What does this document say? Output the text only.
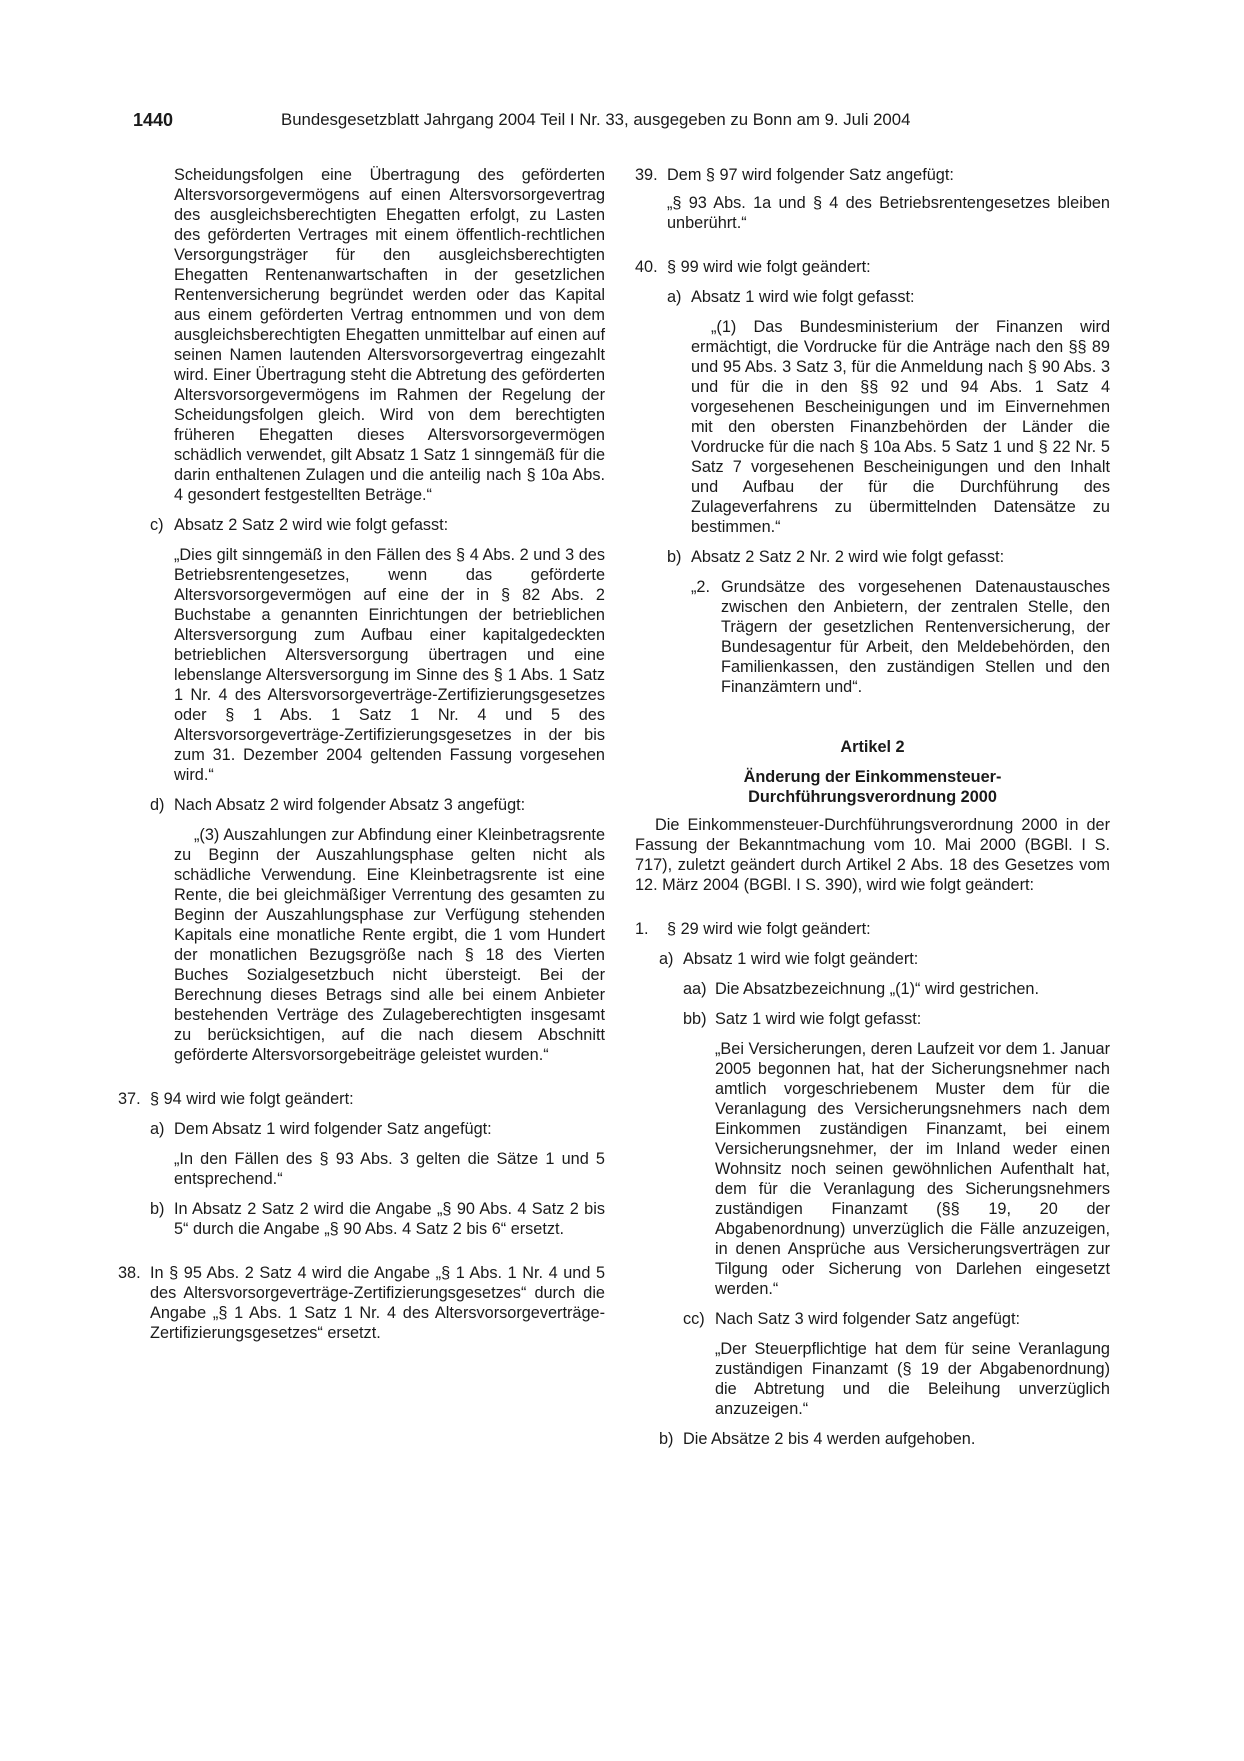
1440	Bundesgesetzblatt Jahrgang 2004 Teil I Nr. 33, ausgegeben zu Bonn am 9. Juli 2004

Scheidungsfolgen eine Übertragung des geförderten Altersvorsorgevermögens auf einen Altersvorsorgevertrag des ausgleichsberechtigten Ehegatten erfolgt, zu Lasten des geförderten Vertrages mit einem öffentlich-rechtlichen Versorgungsträger für den ausgleichsberechtigten Ehegatten Rentenanwartschaften in der gesetzlichen Rentenversicherung begründet werden oder das Kapital aus einem geförderten Vertrag entnommen und von dem ausgleichsberechtigten Ehegatten unmittelbar auf einen auf seinen Namen lautenden Altersvorsorgevertrag eingezahlt wird. Einer Übertragung steht die Abtretung des geförderten Altersvorsorgevermögens im Rahmen der Regelung der Scheidungsfolgen gleich. Wird von dem berechtigten früheren Ehegatten dieses Altersvorsorgevermögen schädlich verwendet, gilt Absatz 1 Satz 1 sinngemäß für die darin enthaltenen Zulagen und die anteilig nach § 10a Abs. 4 gesondert festgestellten Beträge.“

c) Absatz 2 Satz 2 wird wie folgt gefasst:

„Dies gilt sinngemäß in den Fällen des § 4 Abs. 2 und 3 des Betriebsrentengesetzes, wenn das geförderte Altersvorsorgevermögen auf eine der in § 82 Abs. 2 Buchstabe a genannten Einrichtungen der betrieblichen Altersversorgung zum Aufbau einer kapitalgedeckten betrieblichen Altersversorgung übertragen und eine lebenslange Altersversorgung im Sinne des § 1 Abs. 1 Satz 1 Nr. 4 des Altersvorsorgeverträge-Zertifizierungsgesetzes oder § 1 Abs. 1 Satz 1 Nr. 4 und 5 des Altersvorsorgeverträge-Zertifizierungsgesetzes in der bis zum 31. Dezember 2004 geltenden Fassung vorgesehen wird.“

d) Nach Absatz 2 wird folgender Absatz 3 angefügt:

„(3) Auszahlungen zur Abfindung einer Kleinbetragsrente zu Beginn der Auszahlungsphase gelten nicht als schädliche Verwendung. Eine Kleinbetragsrente ist eine Rente, die bei gleichmäßiger Verrentung des gesamten zu Beginn der Auszahlungsphase zur Verfügung stehenden Kapitals eine monatliche Rente ergibt, die 1 vom Hundert der monatlichen Bezugsgröße nach § 18 des Vierten Buches Sozialgesetzbuch nicht übersteigt. Bei der Berechnung dieses Betrags sind alle bei einem Anbieter bestehenden Verträge des Zulageberechtigten insgesamt zu berücksichtigen, auf die nach diesem Abschnitt geförderte Altersvorsorgebeiträge geleistet wurden.“

37. § 94 wird wie folgt geändert:

a) Dem Absatz 1 wird folgender Satz angefügt:

„In den Fällen des § 93 Abs. 3 gelten die Sätze 1 und 5 entsprechend.“

b) In Absatz 2 Satz 2 wird die Angabe „§ 90 Abs. 4 Satz 2 bis 5“ durch die Angabe „§ 90 Abs. 4 Satz 2 bis 6“ ersetzt.

38. In § 95 Abs. 2 Satz 4 wird die Angabe „§ 1 Abs. 1 Nr. 4 und 5 des Altersvorsorgeverträge-Zertifizierungsgesetzes“ durch die Angabe „§ 1 Abs. 1 Satz 1 Nr. 4 des Altersvorsorgeverträge-Zertifizierungsgesetzes“ ersetzt.

39. Dem § 97 wird folgender Satz angefügt:

„§ 93 Abs. 1a und § 4 des Betriebsrentengesetzes bleiben unberührt.“

40. § 99 wird wie folgt geändert:

a) Absatz 1 wird wie folgt gefasst:

„(1) Das Bundesministerium der Finanzen wird ermächtigt, die Vordrucke für die Anträge nach den §§ 89 und 95 Abs. 3 Satz 3, für die Anmeldung nach § 90 Abs. 3 und für die in den §§ 92 und 94 Abs. 1 Satz 4 vorgesehenen Bescheinigungen und im Einvernehmen mit den obersten Finanzbehörden der Länder die Vordrucke für die nach § 10a Abs. 5 Satz 1 und § 22 Nr. 5 Satz 7 vorgesehenen Bescheinigungen und den Inhalt und Aufbau der für die Durchführung des Zulageverfahrens zu übermittelnden Datensätze zu bestimmen.“

b) Absatz 2 Satz 2 Nr. 2 wird wie folgt gefasst:

„2. Grundsätze des vorgesehenen Datenaustausches zwischen den Anbietern, der zentralen Stelle, den Trägern der gesetzlichen Rentenversicherung, der Bundesagentur für Arbeit, den Meldebehörden, den Familienkassen, den zuständigen Stellen und den Finanzämtern und“.

Artikel 2

Änderung der Einkommensteuer-

Durchführungsverordnung 2000

Die Einkommensteuer-Durchführungsverordnung 2000 in der Fassung der Bekanntmachung vom 10. Mai 2000 (BGBl. I S. 717), zuletzt geändert durch Artikel 2 Abs. 18 des Gesetzes vom 12. März 2004 (BGBl. I S. 390), wird wie folgt geändert:

1. § 29 wird wie folgt geändert:

a) Absatz 1 wird wie folgt geändert:

aa) Die Absatzbezeichnung „(1)“ wird gestrichen.

bb) Satz 1 wird wie folgt gefasst:

„Bei Versicherungen, deren Laufzeit vor dem 1. Januar 2005 begonnen hat, hat der Sicherungsnehmer nach amtlich vorgeschriebenem Muster dem für die Veranlagung des Versicherungsnehmers nach dem Einkommen zuständigen Finanzamt, bei einem Versicherungsnehmer, der im Inland weder einen Wohnsitz noch seinen gewöhnlichen Aufenthalt hat, dem für die Veranlagung des Sicherungsnehmers zuständigen Finanzamt (§§ 19, 20 der Abgabenordnung) unverzüglich die Fälle anzuzeigen, in denen Ansprüche aus Versicherungsverträgen zur Tilgung oder Sicherung von Darlehen eingesetzt werden.“

cc) Nach Satz 3 wird folgender Satz angefügt:

„Der Steuerpflichtige hat dem für seine Veranlagung zuständigen Finanzamt (§ 19 der Abgabenordnung) die Abtretung und die Beleihung unverzüglich anzuzeigen.“

b) Die Absätze 2 bis 4 werden aufgehoben.
